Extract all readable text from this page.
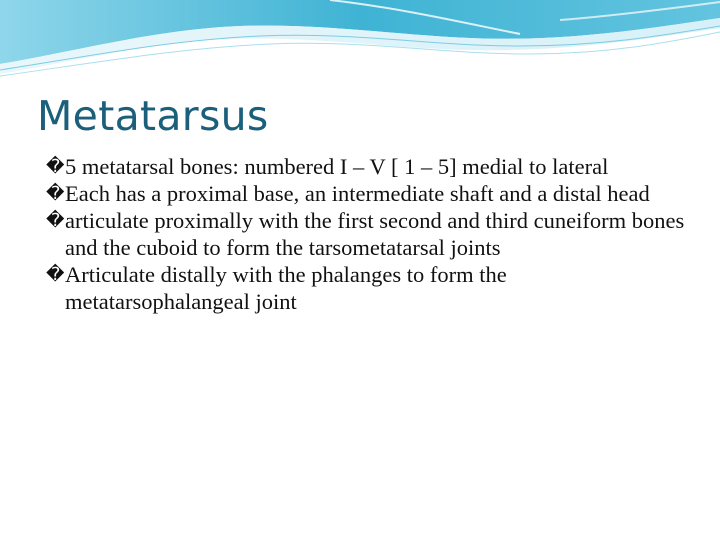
Metatarsus
� 5 metatarsal bones: numbered I – V [ 1 – 5] medial to lateral
� Each has a proximal base, an intermediate shaft and a distal head
� articulate proximally with the first second and third cuneiform bones and the cuboid to form the tarsometatarsal joints
� Articulate distally with the phalanges to form the metatarsophalangeal joint
